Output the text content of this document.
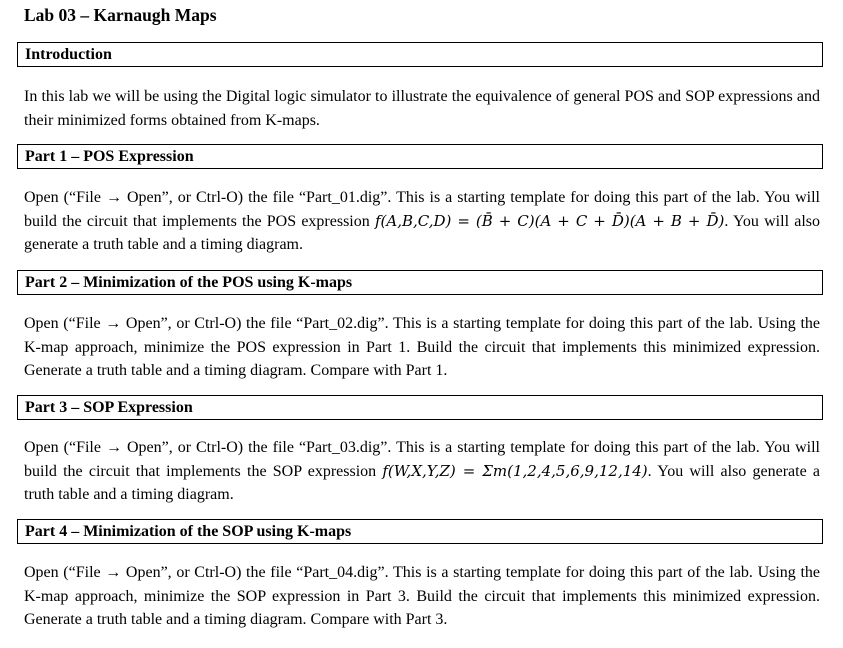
Lab 03 – Karnaugh Maps
Introduction
In this lab we will be using the Digital logic simulator to illustrate the equivalence of general POS and SOP expressions and their minimized forms obtained from K-maps.
Part 1 – POS Expression
Open (“File → Open”, or Ctrl-O) the file “Part_01.dig”. This is a starting template for doing this part of the lab. You will build the circuit that implements the POS expression f(A,B,C,D) = (B̄ + C)(A + C + D̄)(A + B + D̄). You will also generate a truth table and a timing diagram.
Part 2 – Minimization of the POS using K-maps
Open (“File → Open”, or Ctrl-O) the file “Part_02.dig”. This is a starting template for doing this part of the lab. Using the K-map approach, minimize the POS expression in Part 1. Build the circuit that implements this minimized expression. Generate a truth table and a timing diagram. Compare with Part 1.
Part 3 – SOP Expression
Open (“File → Open”, or Ctrl-O) the file “Part_03.dig”. This is a starting template for doing this part of the lab. You will build the circuit that implements the SOP expression f(W,X,Y,Z) = Σm(1,2,4,5,6,9,12,14). You will also generate a truth table and a timing diagram.
Part 4 – Minimization of the SOP using K-maps
Open (“File → Open”, or Ctrl-O) the file “Part_04.dig”. This is a starting template for doing this part of the lab. Using the K-map approach, minimize the SOP expression in Part 3. Build the circuit that implements this minimized expression. Generate a truth table and a timing diagram. Compare with Part 3.
